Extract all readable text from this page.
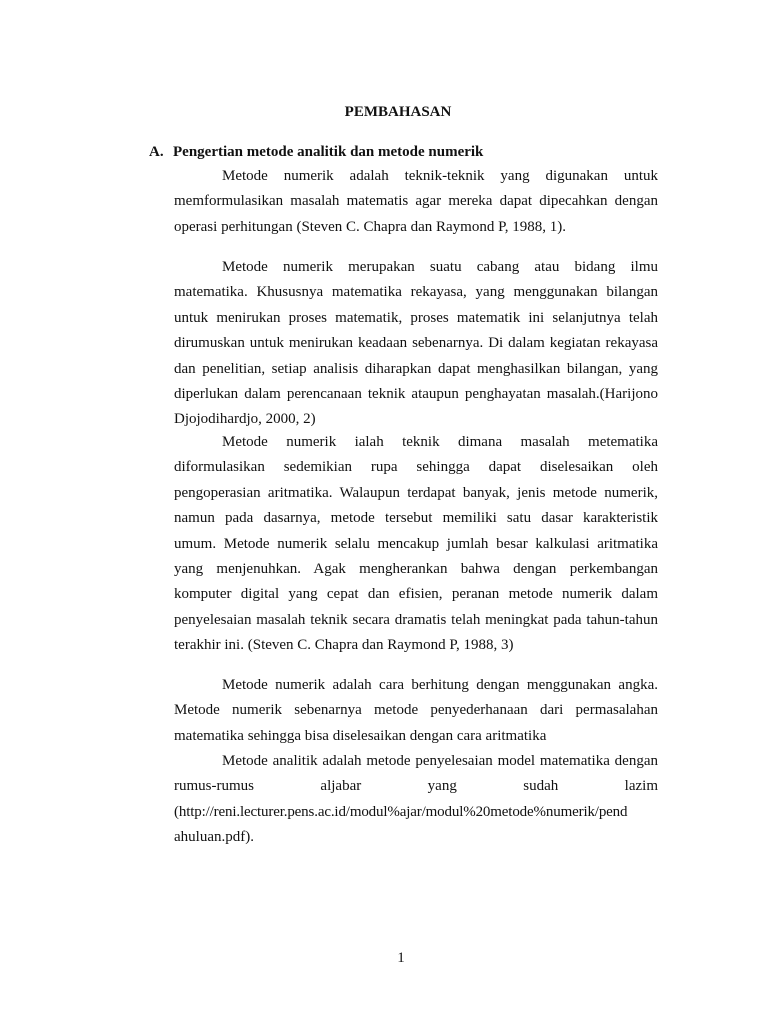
PEMBAHASAN
A. Pengertian metode analitik dan metode numerik
Metode numerik adalah teknik-teknik yang digunakan untuk
memformulasikan masalah matematis agar mereka dapat dipecahkan dengan
operasi perhitungan (Steven C. Chapra dan Raymond P, 1988, 1).
Metode numerik merupakan suatu cabang atau bidang ilmu
matematika. Khususnya matematika rekayasa, yang menggunakan bilangan
untuk menirukan proses matematik, proses matematik ini selanjutnya telah
dirumuskan untuk menirukan keadaan sebenarnya. Di dalam kegiatan rekayasa
dan penelitian, setiap analisis diharapkan dapat menghasilkan bilangan, yang
diperlukan dalam perencanaan teknik ataupun penghayatan masalah.(Harijono
Djojodihardjo, 2000, 2)
Metode numerik ialah teknik dimana masalah metematika
diformulasikan sedemikian rupa sehingga dapat diselesaikan oleh
pengoperasian aritmatika. Walaupun terdapat banyak, jenis metode numerik,
namun pada dasarnya, metode tersebut memiliki satu dasar karakteristik
umum. Metode numerik selalu mencakup jumlah besar kalkulasi aritmatika
yang menjenuhkan. Agak mengherankan bahwa dengan perkembangan
komputer digital yang cepat dan efisien, peranan metode numerik dalam
penyelesaian masalah teknik secara dramatis telah meningkat pada tahun-tahun
terakhir ini. (Steven C. Chapra dan Raymond P, 1988, 3)
Metode numerik adalah cara berhitung dengan menggunakan angka.
Metode numerik sebenarnya metode penyederhanaan dari permasalahan
matematika sehingga bisa diselesaikan dengan cara aritmatika
Metode analitik adalah metode penyelesaian model matematika dengan
rumus-rumus aljabar yang sudah lazim
(http://reni.lecturer.pens.ac.id/modul%ajar/modul%20metode%numerik/pend
ahuluan.pdf).
1
